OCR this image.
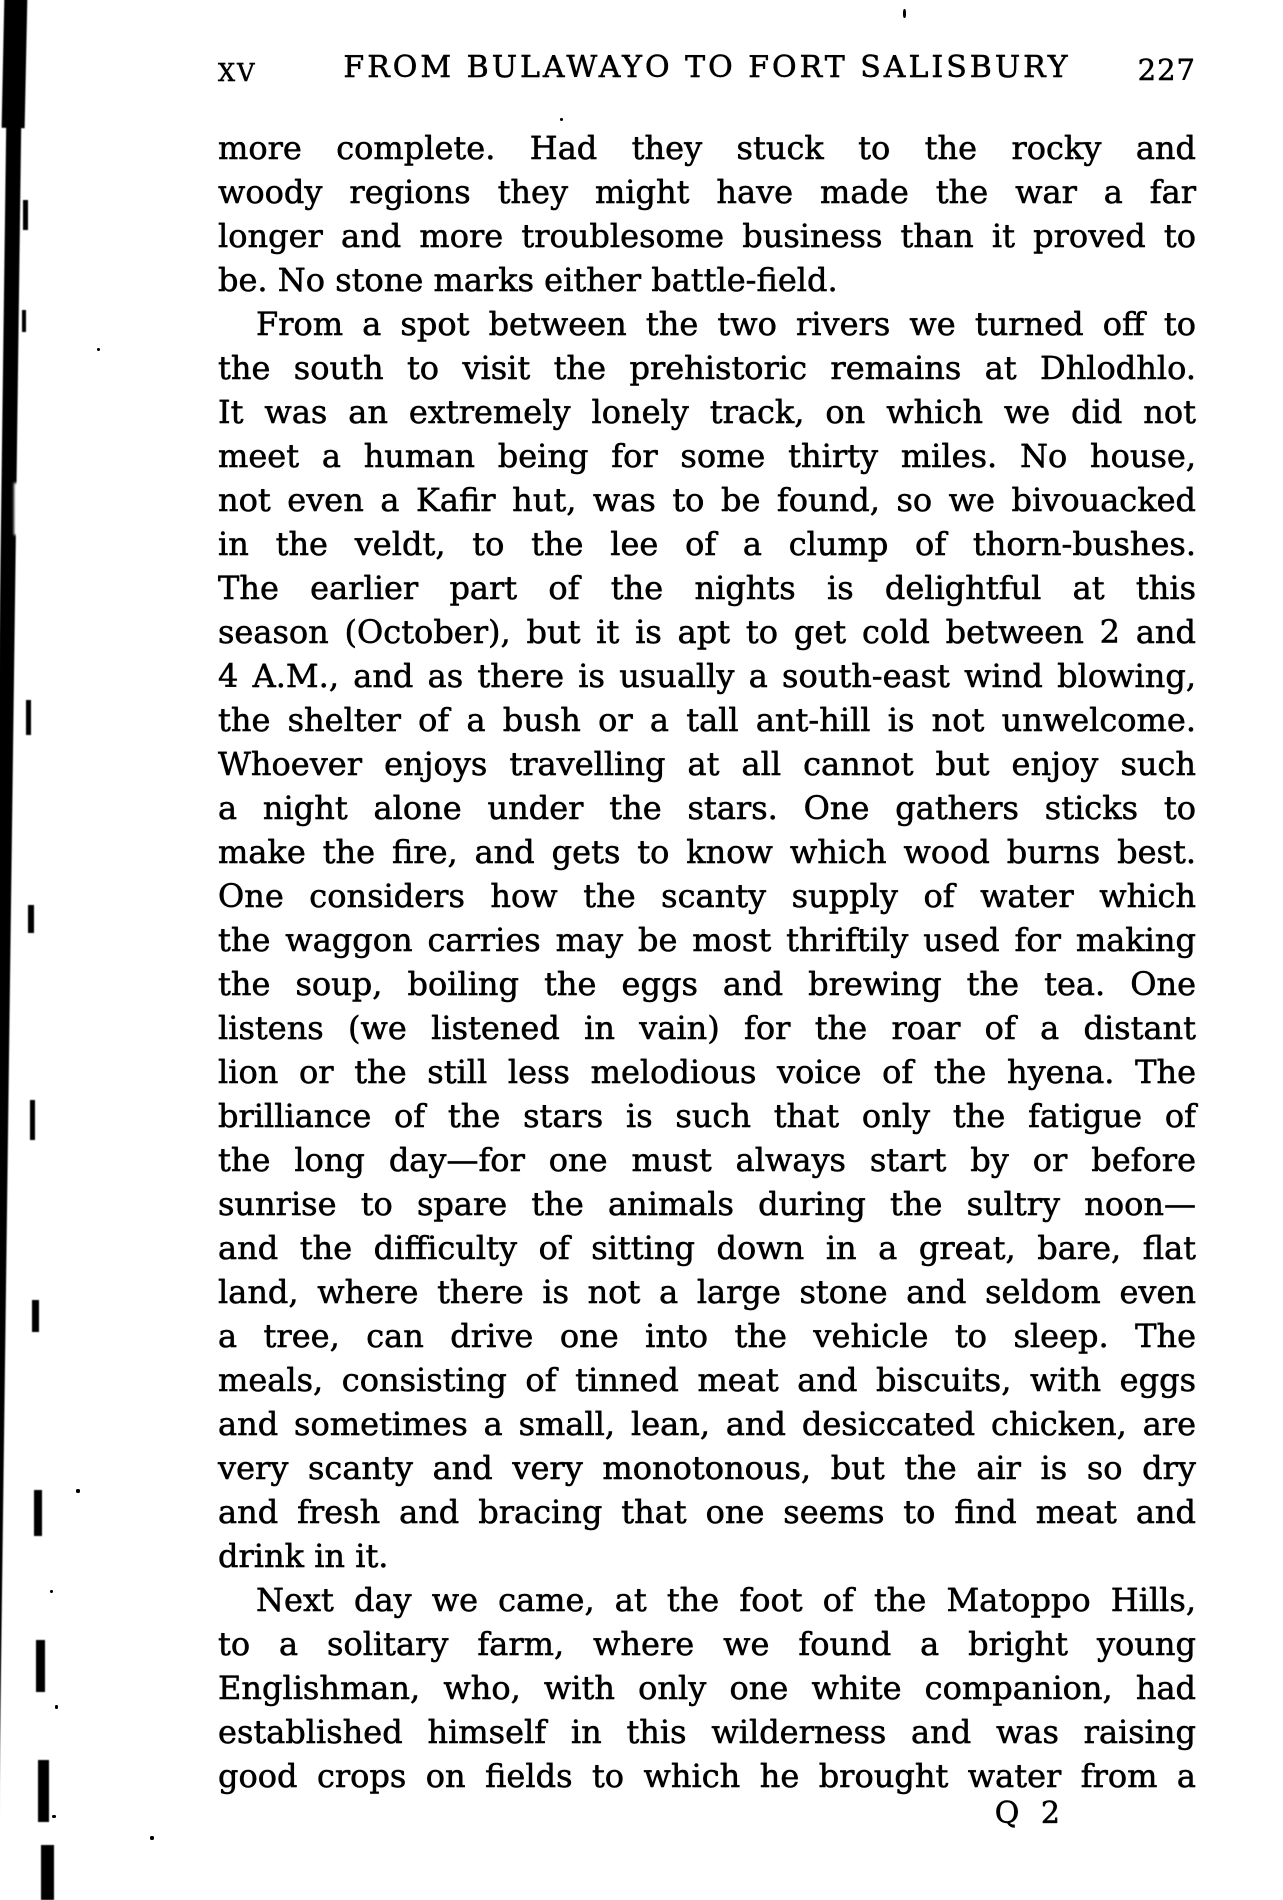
XV	FROM BULAWAYO TO FORT SALISBURY 227
more complete. Had they stuck to the rocky and
woody regions they might have made the war a far
longer and more troublesome business than it proved to
be. No stone marks either battle-field.
From a spot between the two rivers we turned off to
the south to visit the prehistoric remains at Dhlodhlo.
It was an extremely lonely track, on which we did not
meet a human being for some thirty miles. No house,
not even a Kafir hut, was to be found, so we bivouacked
in the veldt, to the lee of a clump of thorn-bushes.
The earlier part of the nights is delightful at this
season (October), but it is apt to get cold between 2 and
4 A.M., and as there is usually a south-east wind blowing,
the shelter of a bush or a tall ant-hill is not unwelcome.
Whoever enjoys travelling at all cannot but enjoy such
a night alone under the stars. One gathers sticks to
make the fire, and gets to know which wood burns best.
One considers how the scanty supply of water which
the waggon carries may be most thriftily used for making
the soup, boiling the eggs and brewing the tea. One
listens (we listened in vain) for the roar of a distant
lion or the still less melodious voice of the hyena. The
brilliance of the stars is such that only the fatigue of
the long day—for one must always start by or before
sunrise to spare the animals during the sultry noon—
and the difficulty of sitting down in a great, bare, flat
land, where there is not a large stone and seldom even
a tree, can drive one into the vehicle to sleep. The
meals, consisting of tinned meat and biscuits, with eggs
and sometimes a small, lean, and desiccated chicken, are
very scanty and very monotonous, but the air is so dry
and fresh and bracing that one seems to find meat and
drink in it.
Next day we came, at the foot of the Matoppo Hills,
to a solitary farm, where we found a bright young
Englishman, who, with only one white companion, had
established himself in this wilderness and was raising
good crops on fields to which he brought water from a
Q 2
